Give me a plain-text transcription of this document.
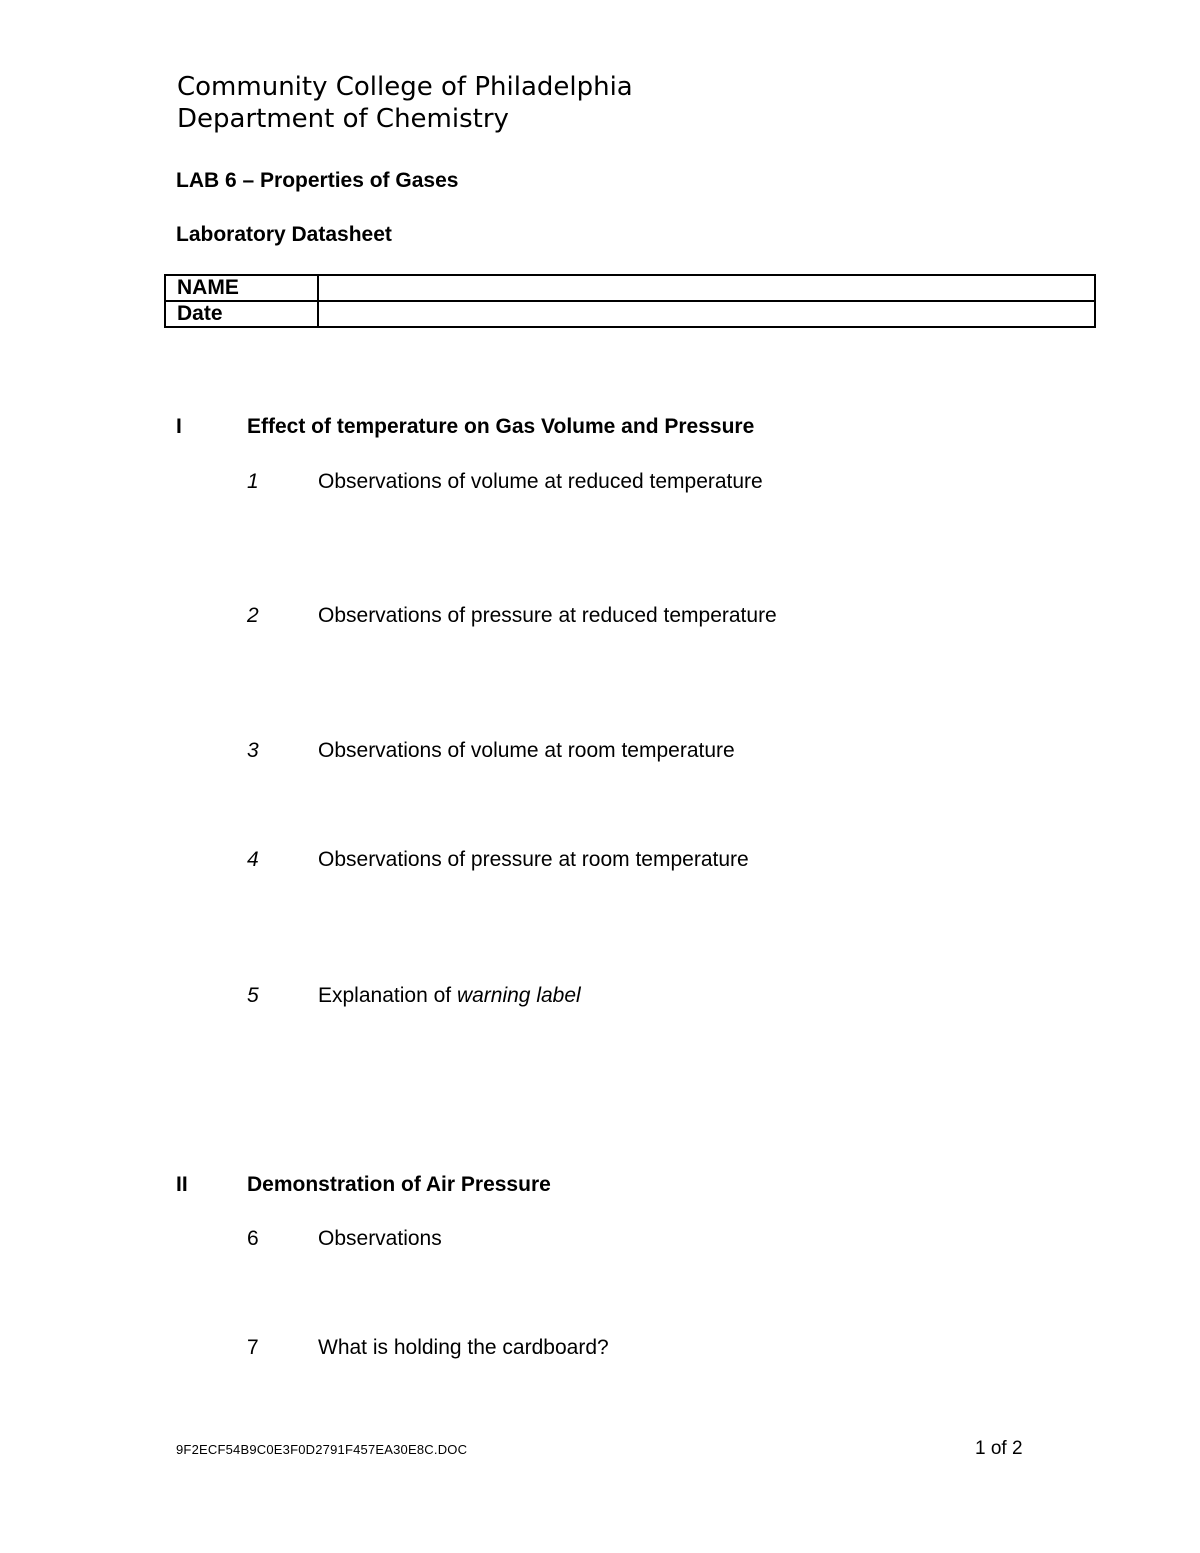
Community College of Philadelphia
Department of Chemistry
LAB 6 – Properties of Gases
Laboratory Datasheet
NAME	
Date	
I	Effect of temperature on Gas Volume and Pressure
1	Observations of volume at reduced temperature
2	Observations of pressure at reduced temperature
3	Observations of volume at room temperature
4	Observations of pressure at room temperature
5	Explanation of warning label
II	Demonstration of Air Pressure
6	Observations
7	What is holding the cardboard?
9F2ECF54B9C0E3F0D2791F457EA30E8C.DOC	1 of 2
